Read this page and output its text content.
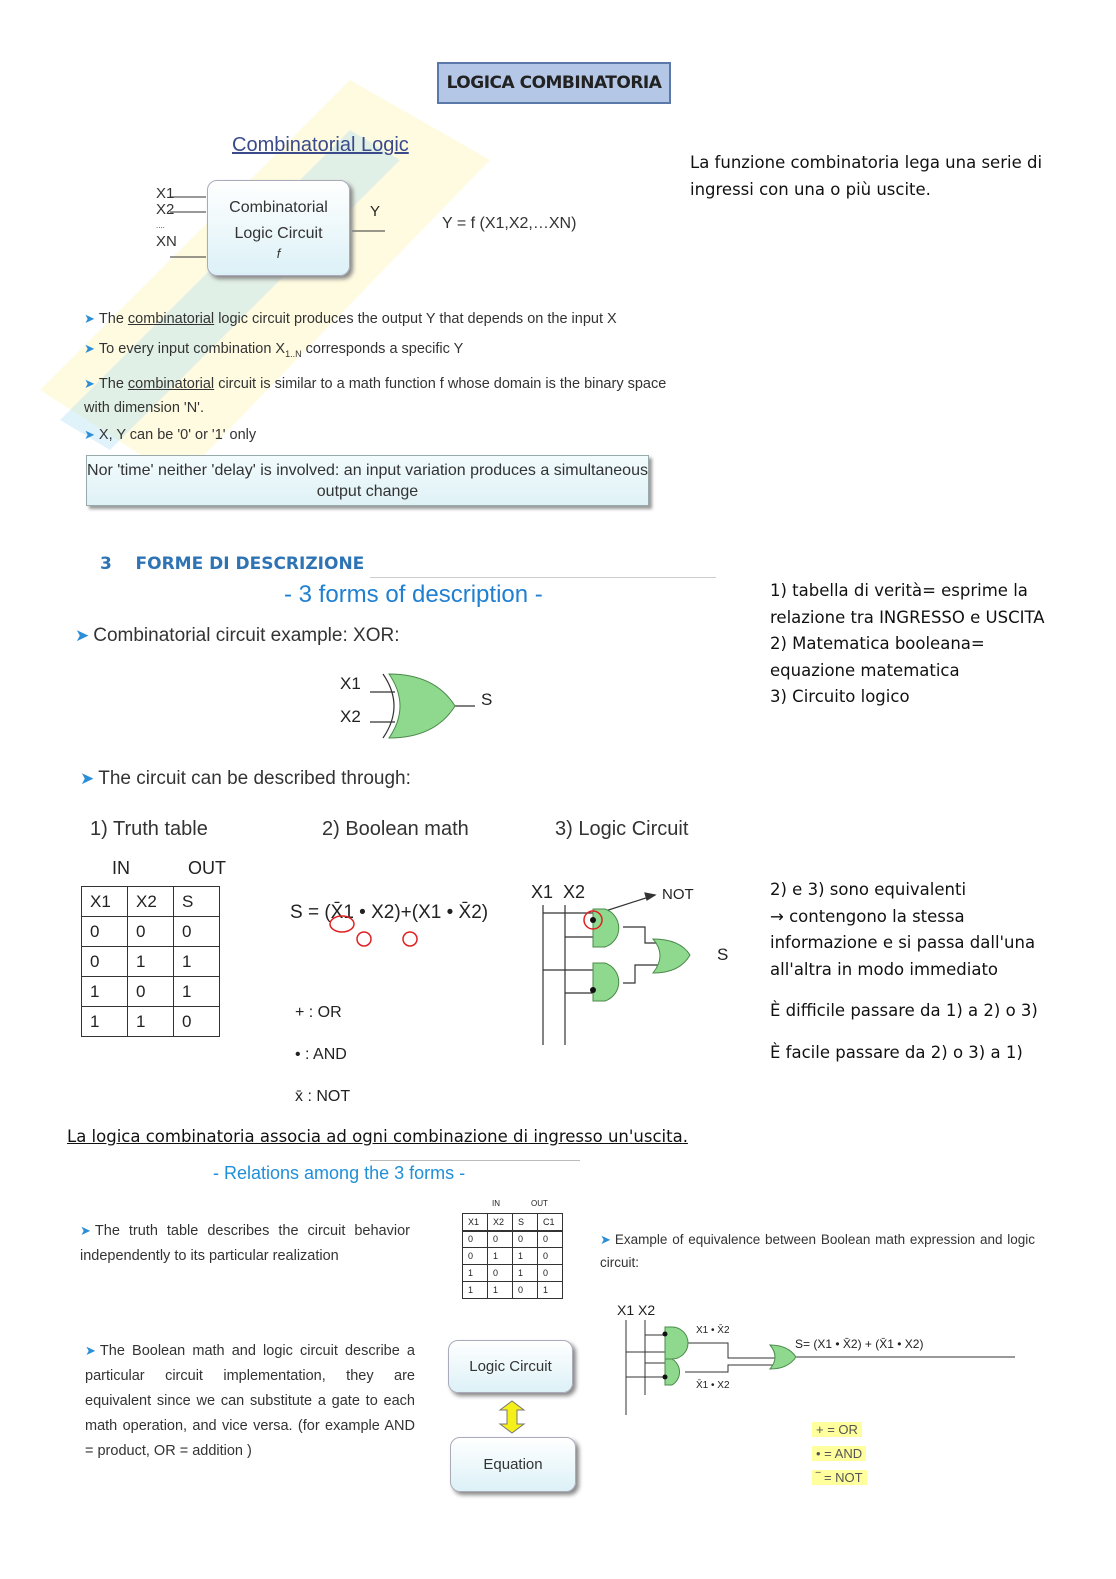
LOGICA COMBINATORIA
Combinatorial Logic
X1
X2
....
XN
Combinatorial
Logic Circuit
f
Y
Y = f (X1,X2,…XN)
La funzione combinatoria lega una serie di ingressi con una o più uscite.
➤ The combinatorial logic circuit produces the output Y that depends on the input X
➤ To every input combination $X_{1..N}$ corresponds a specific Y
➤ The combinatorial circuit is similar to a math function f whose domain is the binary space with dimension 'N'.
➤ X, Y can be '0' or '1' only
Nor 'time' neither 'delay' is involved: an input variation produces a simultaneous output change
3 FORME DI DESCRIZIONE
- 3 forms of description -
➤ Combinatorial circuit example: XOR:
1) tabella di verità= esprime la relazione tra INGRESSO e USCITA
2) Matematica booleana= equazione matematica
3) Circuito logico
X1
X2
S
➤ The circuit can be described through:
1) Truth table	2) Boolean math	3) Logic Circuit
IN	OUT
X1	X2	S
0	0	0
0	1	1
1	0	1
1	1	0
S = (X̄1 • X2)+(X1 • X̄2)
+ : OR
• : AND
x̄ : NOT
X1 X2	NOT
S
2) e 3) sono equivalenti
→ contengono la stessa informazione e si passa dall'una all'altra in modo immediato
È difficile passare da 1) a 2) o 3)
È facile passare da 2) o 3) a 1)
La logica combinatoria associa ad ogni combinazione di ingresso un'uscita.
- Relations among the 3 forms -
➤ The truth table describes the circuit behavior independently to its particular realization
➤ The Boolean math and logic circuit describe a particular circuit implementation, they are equivalent since we can substitute a gate to each math operation, and vice versa. (for example AND = product, OR = addition )
IN	OUT
X1	X2	S	C1
0	0	0	0
0	1	1	0
1	0	1	0
1	1	0	1
Logic Circuit
Equation
➤ Example of equivalence between Boolean math expression and logic circuit:
X1 X2
X1 • X̄2
X̄1 • X2
S= (X1 • X̄2) + (X̄1 • X2)
+ = OR
• = AND
‾ = NOT
